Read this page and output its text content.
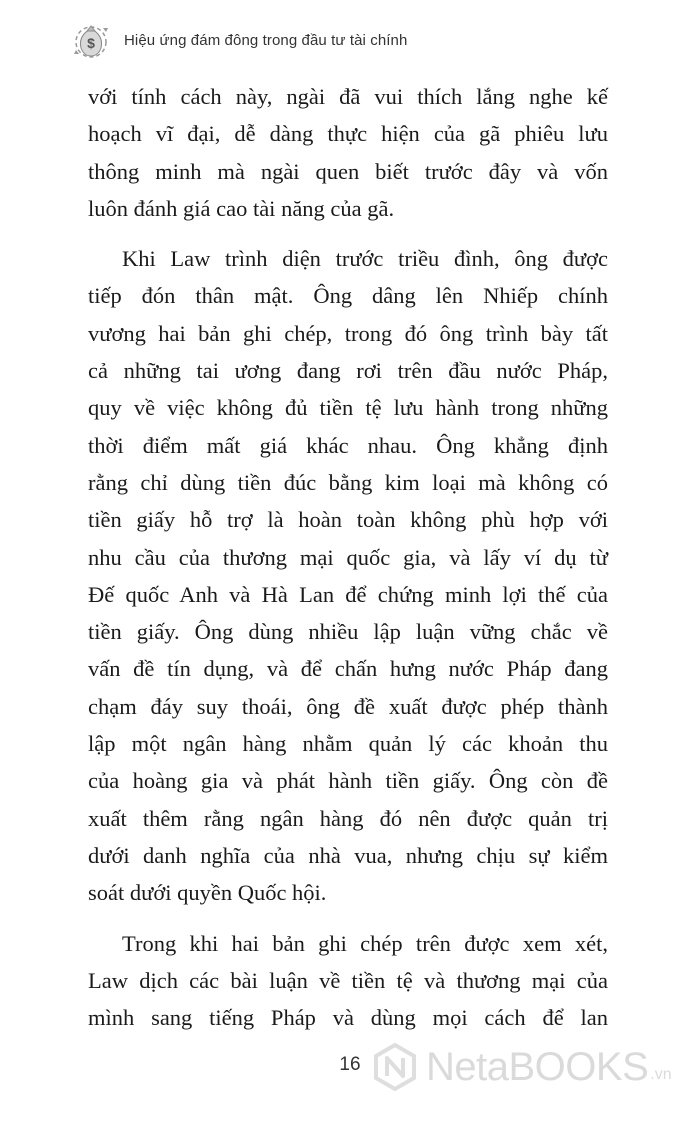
$ Hiệu ứng đám đông trong đầu tư tài chính

với tính cách này, ngài đã vui thích lắng nghe kế
hoạch vĩ đại, dễ dàng thực hiện của gã phiêu lưu
thông minh mà ngài quen biết trước đây và vốn
luôn đánh giá cao tài năng của gã.

Khi Law trình diện trước triều đình, ông được
tiếp đón thân mật. Ông dâng lên Nhiếp chính
vương hai bản ghi chép, trong đó ông trình bày tất
cả những tai ương đang rơi trên đầu nước Pháp,
quy về việc không đủ tiền tệ lưu hành trong những
thời điểm mất giá khác nhau. Ông khẳng định
rằng chỉ dùng tiền đúc bằng kim loại mà không có
tiền giấy hỗ trợ là hoàn toàn không phù hợp với
nhu cầu của thương mại quốc gia, và lấy ví dụ từ
Đế quốc Anh và Hà Lan để chứng minh lợi thế của
tiền giấy. Ông dùng nhiều lập luận vững chắc về
vấn đề tín dụng, và để chấn hưng nước Pháp đang
chạm đáy suy thoái, ông đề xuất được phép thành
lập một ngân hàng nhằm quản lý các khoản thu
của hoàng gia và phát hành tiền giấy. Ông còn đề
xuất thêm rằng ngân hàng đó nên được quản trị
dưới danh nghĩa của nhà vua, nhưng chịu sự kiểm
soát dưới quyền Quốc hội.

Trong khi hai bản ghi chép trên được xem xét,
Law dịch các bài luận về tiền tệ và thương mại của
mình sang tiếng Pháp và dùng mọi cách để lan

16	NetaBOOKS .vn
